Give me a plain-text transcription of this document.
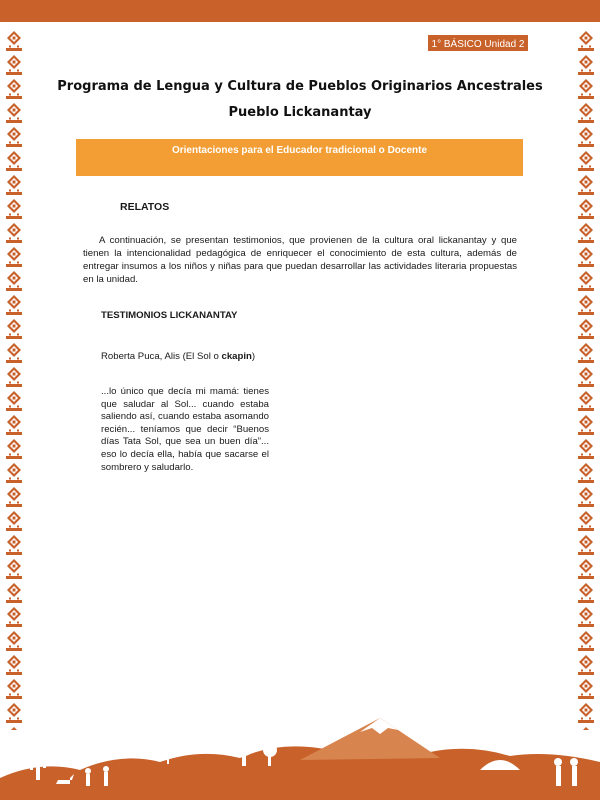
1° BÁSICO Unidad 2
Programa de Lengua y Cultura de Pueblos Originarios Ancestrales
Pueblo Lickanantay
Orientaciones para el Educador tradicional o Docente
RELATOS

A continuación, se presentan testimonios, que provienen de la cultura oral lickanantay y que tienen la intencionalidad pedagógica de enriquecer el conocimiento de esta cultura, además de entregar insumos a los niños y niñas para que puedan desarrollar las actividades literaria propuestas en la unidad.

TESTIMONIOS LICKANANTAY
Roberta Puca, Alis (El Sol o ckapin)

...lo único que decía mi mamá: tienes que saludar al Sol... cuando estaba saliendo así, cuando estaba asomando recién... teníamos que decir “Buenos días Tata Sol, que sea un buen día”... eso lo decía ella, había que sacarse el sombrero y saludarlo.
